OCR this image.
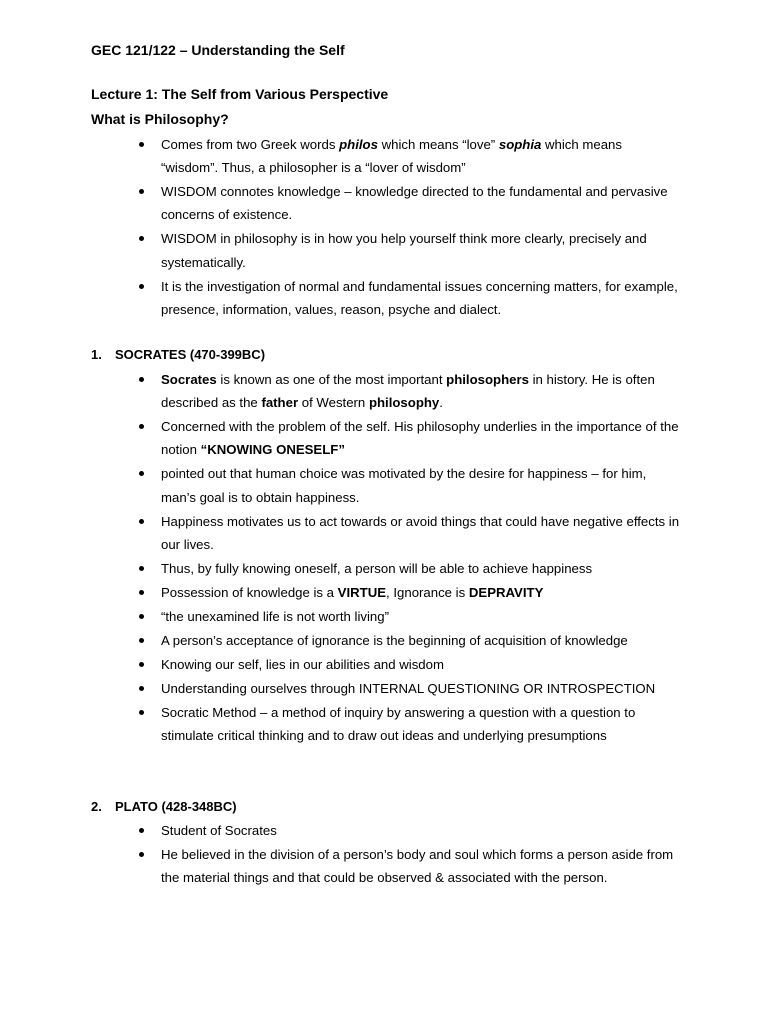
GEC 121/122 – Understanding the Self
Lecture 1: The Self from Various Perspective
What is Philosophy?
Comes from two Greek words philos which means “love” sophia which means “wisdom”. Thus, a philosopher is a “lover of wisdom”
WISDOM connotes knowledge – knowledge directed to the fundamental and pervasive concerns of existence.
WISDOM in philosophy is in how you help yourself think more clearly, precisely and systematically.
It is the investigation of normal and fundamental issues concerning matters, for example, presence, information, values, reason, psyche and dialect.
1. SOCRATES (470-399BC)
Socrates is known as one of the most important philosophers in history. He is often described as the father of Western philosophy.
Concerned with the problem of the self. His philosophy underlies in the importance of the notion “KNOWING ONESELF”
pointed out that human choice was motivated by the desire for happiness – for him, man’s goal is to obtain happiness.
Happiness motivates us to act towards or avoid things that could have negative effects in our lives.
Thus, by fully knowing oneself, a person will be able to achieve happiness
Possession of knowledge is a VIRTUE, Ignorance is DEPRAVITY
“the unexamined life is not worth living”
A person’s acceptance of ignorance is the beginning of acquisition of knowledge
Knowing our self, lies in our abilities and wisdom
Understanding ourselves through INTERNAL QUESTIONING OR INTROSPECTION
Socratic Method – a method of inquiry by answering a question with a question to stimulate critical thinking and to draw out ideas and underlying presumptions
2. PLATO (428-348BC)
Student of Socrates
He believed in the division of a person’s body and soul which forms a person aside from the material things and that could be observed & associated with the person.
